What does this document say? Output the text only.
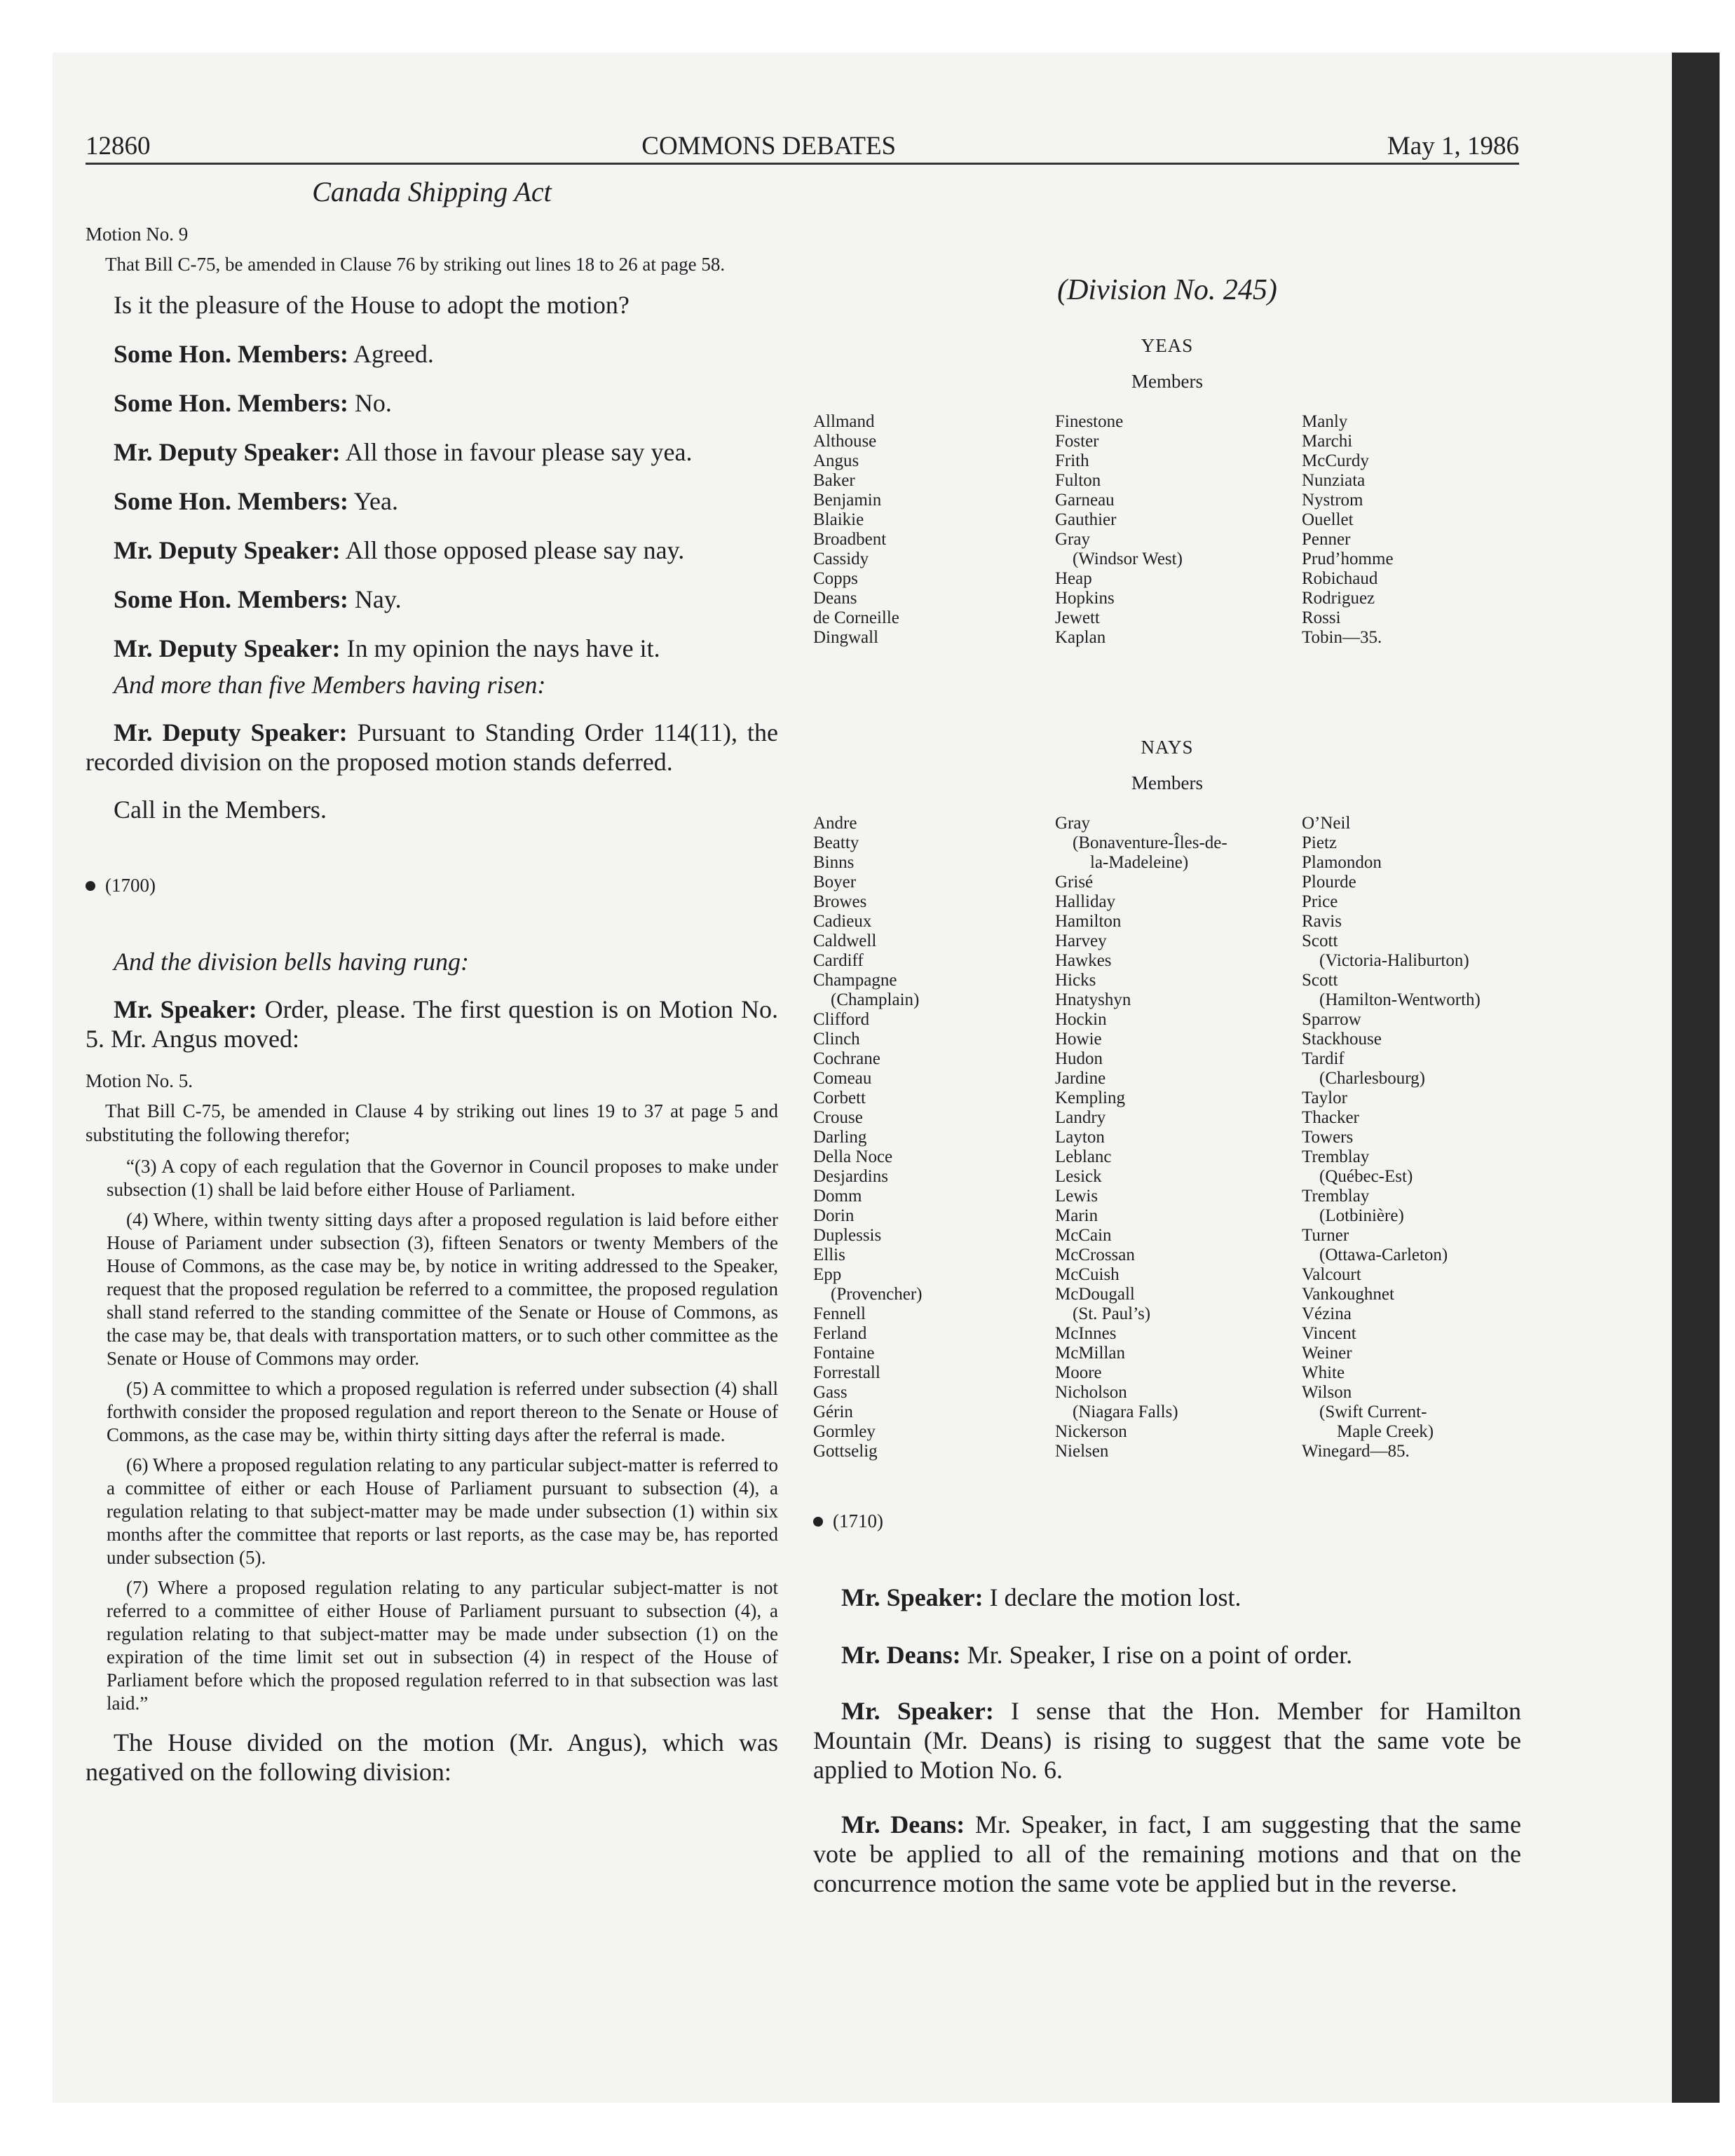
12860	COMMONS DEBATES	May 1, 1986
Canada Shipping Act
Motion No. 9
That Bill C-75, be amended in Clause 76 by striking out lines 18 to 26 at page 58.

Is it the pleasure of the House to adopt the motion?

Some Hon. Members: Agreed.

Some Hon. Members: No.

Mr. Deputy Speaker: All those in favour please say yea.

Some Hon. Members: Yea.

Mr. Deputy Speaker: All those opposed please say nay.

Some Hon. Members: Nay.

Mr. Deputy Speaker: In my opinion the nays have it.

And more than five Members having risen:

Mr. Deputy Speaker: Pursuant to Standing Order 114(11), the recorded division on the proposed motion stands deferred.

Call in the Members.

(1700)

And the division bells having rung:

Mr. Speaker: Order, please. The first question is on Motion No. 5. Mr. Angus moved:

Motion No. 5.
That Bill C-75, be amended in Clause 4 by striking out lines 19 to 37 at page 5 and substituting the following therefor;
“(3) A copy of each regulation that the Governor in Council proposes to make under subsection (1) shall be laid before either House of Parliament.
(4) Where, within twenty sitting days after a proposed regulation is laid before either House of Pariament under subsection (3), fifteen Senators or twenty Members of the House of Commons, as the case may be, by notice in writing addressed to the Speaker, request that the proposed regulation be referred to a committee, the proposed regulation shall stand referred to the standing committee of the Senate or House of Commons, as the case may be, that deals with transportation matters, or to such other committee as the Senate or House of Commons may order.
(5) A committee to which a proposed regulation is referred under subsection (4) shall forthwith consider the proposed regulation and report thereon to the Senate or House of Commons, as the case may be, within thirty sitting days after the referral is made.
(6) Where a proposed regulation relating to any particular subject-matter is referred to a committee of either or each House of Parliament pursuant to subsection (4), a regulation relating to that subject-matter may be made under subsection (1) within six months after the committee that reports or last reports, as the case may be, has reported under subsection (5).
(7) Where a proposed regulation relating to any particular subject-matter is not referred to a committee of either House of Parliament pursuant to subsection (4), a regulation relating to that subject-matter may be made under subsection (1) on the expiration of the time limit set out in subsection (4) in respect of the House of Parliament before which the proposed regulation referred to in that subsection was last laid.”

The House divided on the motion (Mr. Angus), which was negatived on the following division:

(Division No. 245)
YEAS
Members
Allmand
Althouse
Angus
Baker
Benjamin
Blaikie
Broadbent
Cassidy
Copps
Deans
de Corneille
Dingwall
Finestone
Foster
Frith
Fulton
Garneau
Gauthier
Gray
(Windsor West)
Heap
Hopkins
Jewett
Kaplan
Manly
Marchi
McCurdy
Nunziata
Nystrom
Ouellet
Penner
Prud’homme
Robichaud
Rodriguez
Rossi
Tobin—35.
NAYS
Members
Andre
Beatty
Binns
Boyer
Browes
Cadieux
Caldwell
Cardiff
Champagne
(Champlain)
Clifford
Clinch
Cochrane
Comeau
Corbett
Crouse
Darling
Della Noce
Desjardins
Domm
Dorin
Duplessis
Ellis
Epp
(Provencher)
Fennell
Ferland
Fontaine
Forrestall
Gass
Gérin
Gormley
Gottselig
Gray
(Bonaventure-Îles-de-
la-Madeleine)
Grisé
Halliday
Hamilton
Harvey
Hawkes
Hicks
Hnatyshyn
Hockin
Howie
Hudon
Jardine
Kempling
Landry
Layton
Leblanc
Lesick
Lewis
Marin
McCain
McCrossan
McCuish
McDougall
(St. Paul’s)
McInnes
McMillan
Moore
Nicholson
(Niagara Falls)
Nickerson
Nielsen
O’Neil
Pietz
Plamondon
Plourde
Price
Ravis
Scott
(Victoria-Haliburton)
Scott
(Hamilton-Wentworth)
Sparrow
Stackhouse
Tardif
(Charlesbourg)
Taylor
Thacker
Towers
Tremblay
(Québec-Est)
Tremblay
(Lotbinière)
Turner
(Ottawa-Carleton)
Valcourt
Vankoughnet
Vézina
Vincent
Weiner
White
Wilson
(Swift Current-
Maple Creek)
Winegard—85.
(1710)

Mr. Speaker: I declare the motion lost.

Mr. Deans: Mr. Speaker, I rise on a point of order.

Mr. Speaker: I sense that the Hon. Member for Hamilton Mountain (Mr. Deans) is rising to suggest that the same vote be applied to Motion No. 6.

Mr. Deans: Mr. Speaker, in fact, I am suggesting that the same vote be applied to all of the remaining motions and that on the concurrence motion the same vote be applied but in the reverse.
